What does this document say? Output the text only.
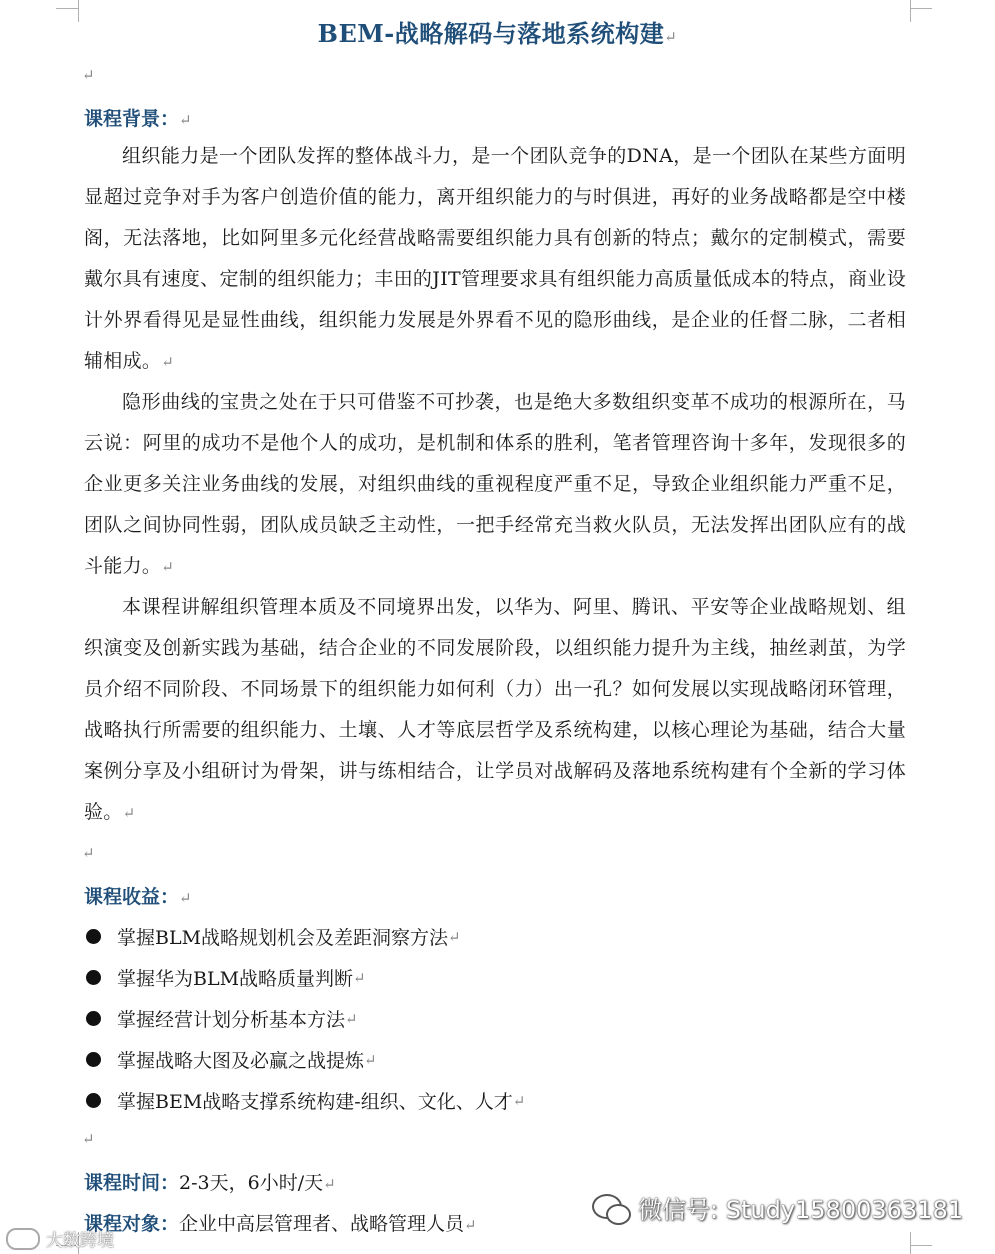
BEM-战略解码与落地系统构建↵
↵
课程背景：↵
组织能力是一个团队发挥的整体战斗力，是一个团队竞争的DNA，是一个团队在某些方面明显超过竞争对手为客户创造价值的能力，离开组织能力的与时俱进，再好的业务战略都是空中楼阁，无法落地，比如阿里多元化经营战略需要组织能力具有创新的特点；戴尔的定制模式，需要戴尔具有速度、定制的组织能力；丰田的JIT管理要求具有组织能力高质量低成本的特点，商业设计外界看得见是显性曲线，组织能力发展是外界看不见的隐形曲线，是企业的任督二脉，二者相辅相成。↵
隐形曲线的宝贵之处在于只可借鉴不可抄袭，也是绝大多数组织变革不成功的根源所在，马云说：阿里的成功不是他个人的成功，是机制和体系的胜利，笔者管理咨询十多年，发现很多的企业更多关注业务曲线的发展，对组织曲线的重视程度严重不足，导致企业组织能力严重不足，团队之间协同性弱，团队成员缺乏主动性，一把手经常充当救火队员，无法发挥出团队应有的战斗能力。↵
本课程讲解组织管理本质及不同境界出发，以华为、阿里、腾讯、平安等企业战略规划、组织演变及创新实践为基础，结合企业的不同发展阶段，以组织能力提升为主线，抽丝剥茧，为学员介绍不同阶段、不同场景下的组织能力如何利（力）出一孔？如何发展以实现战略闭环管理，战略执行所需要的组织能力、土壤、人才等底层哲学及系统构建，以核心理论为基础，结合大量案例分享及小组研讨为骨架，讲与练相结合，让学员对战解码及落地系统构建有个全新的学习体验。↵
↵
课程收益：↵
掌握BLM战略规划机会及差距洞察方法 ↵
掌握华为BLM战略质量判断 ↵
掌握经营计划分析基本方法 ↵
掌握战略大图及必赢之战提炼 ↵
掌握BEM战略支撑系统构建-组织、文化、人才 ↵
↵
课程时间：2-3天，6小时/天↵
课程对象：企业中高层管理者、战略管理人员↵
微信号: Study15800363181
大数跨境
